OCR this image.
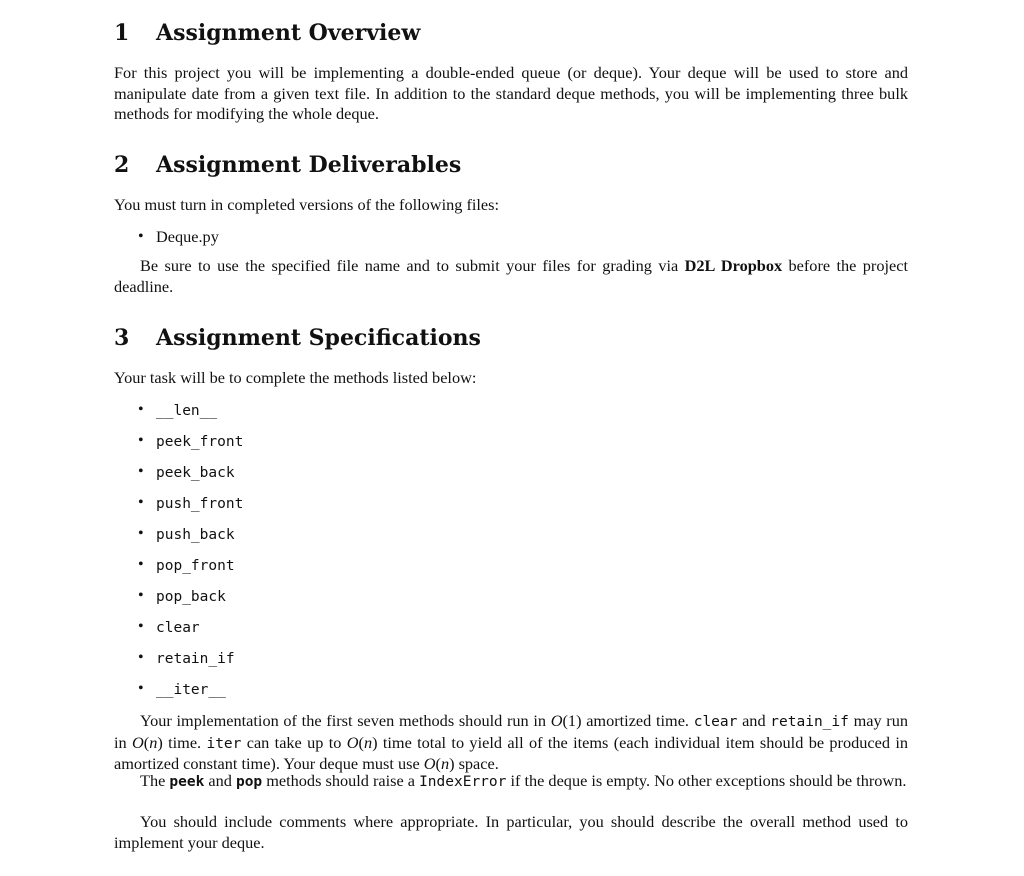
1 Assignment Overview

For this project you will be implementing a double-ended queue (or deque). Your deque will be used to store and manipulate date from a given text file. In addition to the standard deque methods, you will be implementing three bulk methods for modifying the whole deque.

2 Assignment Deliverables

You must turn in completed versions of the following files:

• Deque.py

Be sure to use the specified file name and to submit your files for grading via D2L Dropbox before the project deadline.

3 Assignment Specifications

Your task will be to complete the methods listed below:

• __len__
• peek_front
• peek_back
• push_front
• push_back
• pop_front
• pop_back
• clear
• retain_if
• __iter__

Your implementation of the first seven methods should run in O(1) amortized time. clear and retain_if may run in O(n) time. iter can take up to O(n) time total to yield all of the items (each individual item should be produced in amortized constant time). Your deque must use O(n) space.

The peek and pop methods should raise a IndexError if the deque is empty. No other exceptions should be thrown.

You should include comments where appropriate. In particular, you should describe the overall method used to implement your deque.
